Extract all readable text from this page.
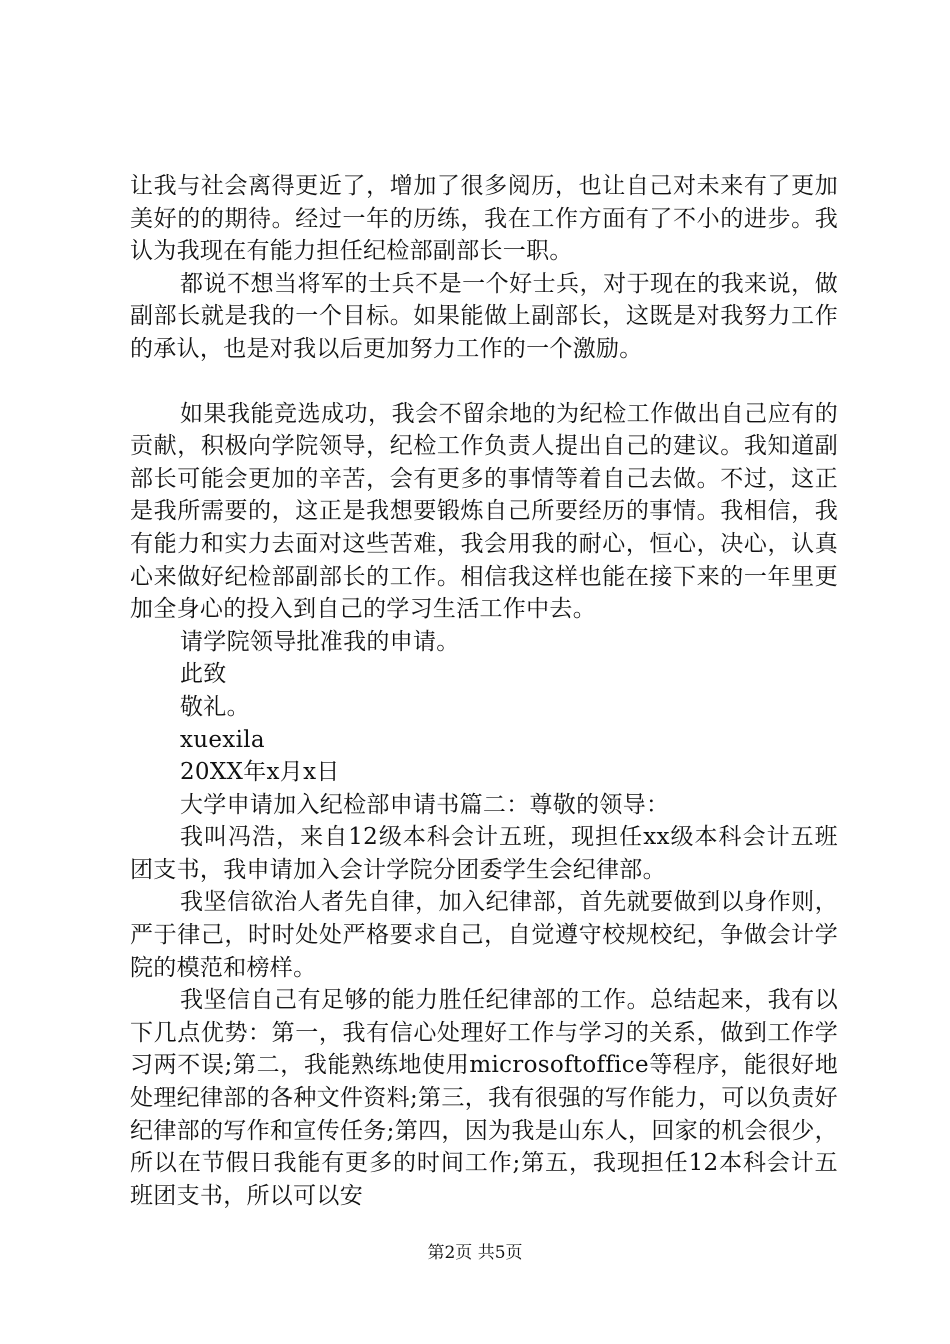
让我与社会离得更近了，增加了很多阅历，也让自己对未来有了更加美好的的期待。经过一年的历练，我在工作方面有了不小的进步。我认为我现在有能力担任纪检部副部长一职。

都说不想当将军的士兵不是一个好士兵，对于现在的我来说，做副部长就是我的一个目标。如果能做上副部长，这既是对我努力工作的承认，也是对我以后更加努力工作的一个激励。

如果我能竞选成功，我会不留余地的为纪检工作做出自己应有的贡献，积极向学院领导，纪检工作负责人提出自己的建议。我知道副部长可能会更加的辛苦，会有更多的事情等着自己去做。不过，这正是我所需要的，这正是我想要锻炼自己所要经历的事情。我相信，我有能力和实力去面对这些苦难，我会用我的耐心，恒心，决心，认真心来做好纪检部副部长的工作。相信我这样也能在接下来的一年里更加全身心的投入到自己的学习生活工作中去。

请学院领导批准我的申请。

此致

敬礼。

xuexila

20XX年x月x日

大学申请加入纪检部申请书篇二：尊敬的领导：

我叫冯浩，来自12级本科会计五班，现担任xx级本科会计五班团支书，我申请加入会计学院分团委学生会纪律部。

我坚信欲治人者先自律，加入纪律部，首先就要做到以身作则，严于律己，时时处处严格要求自己，自觉遵守校规校纪，争做会计学院的模范和榜样。

我坚信自己有足够的能力胜任纪律部的工作。总结起来，我有以下几点优势：第一，我有信心处理好工作与学习的关系，做到工作学习两不误;第二，我能熟练地使用microsoftoffice等程序，能很好地处理纪律部的各种文件资料;第三，我有很强的写作能力，可以负责好纪律部的写作和宣传任务;第四，因为我是山东人，回家的机会很少，所以在节假日我能有更多的时间工作;第五，我现担任12本科会计五班团支书，所以可以安

第2页 共5页
